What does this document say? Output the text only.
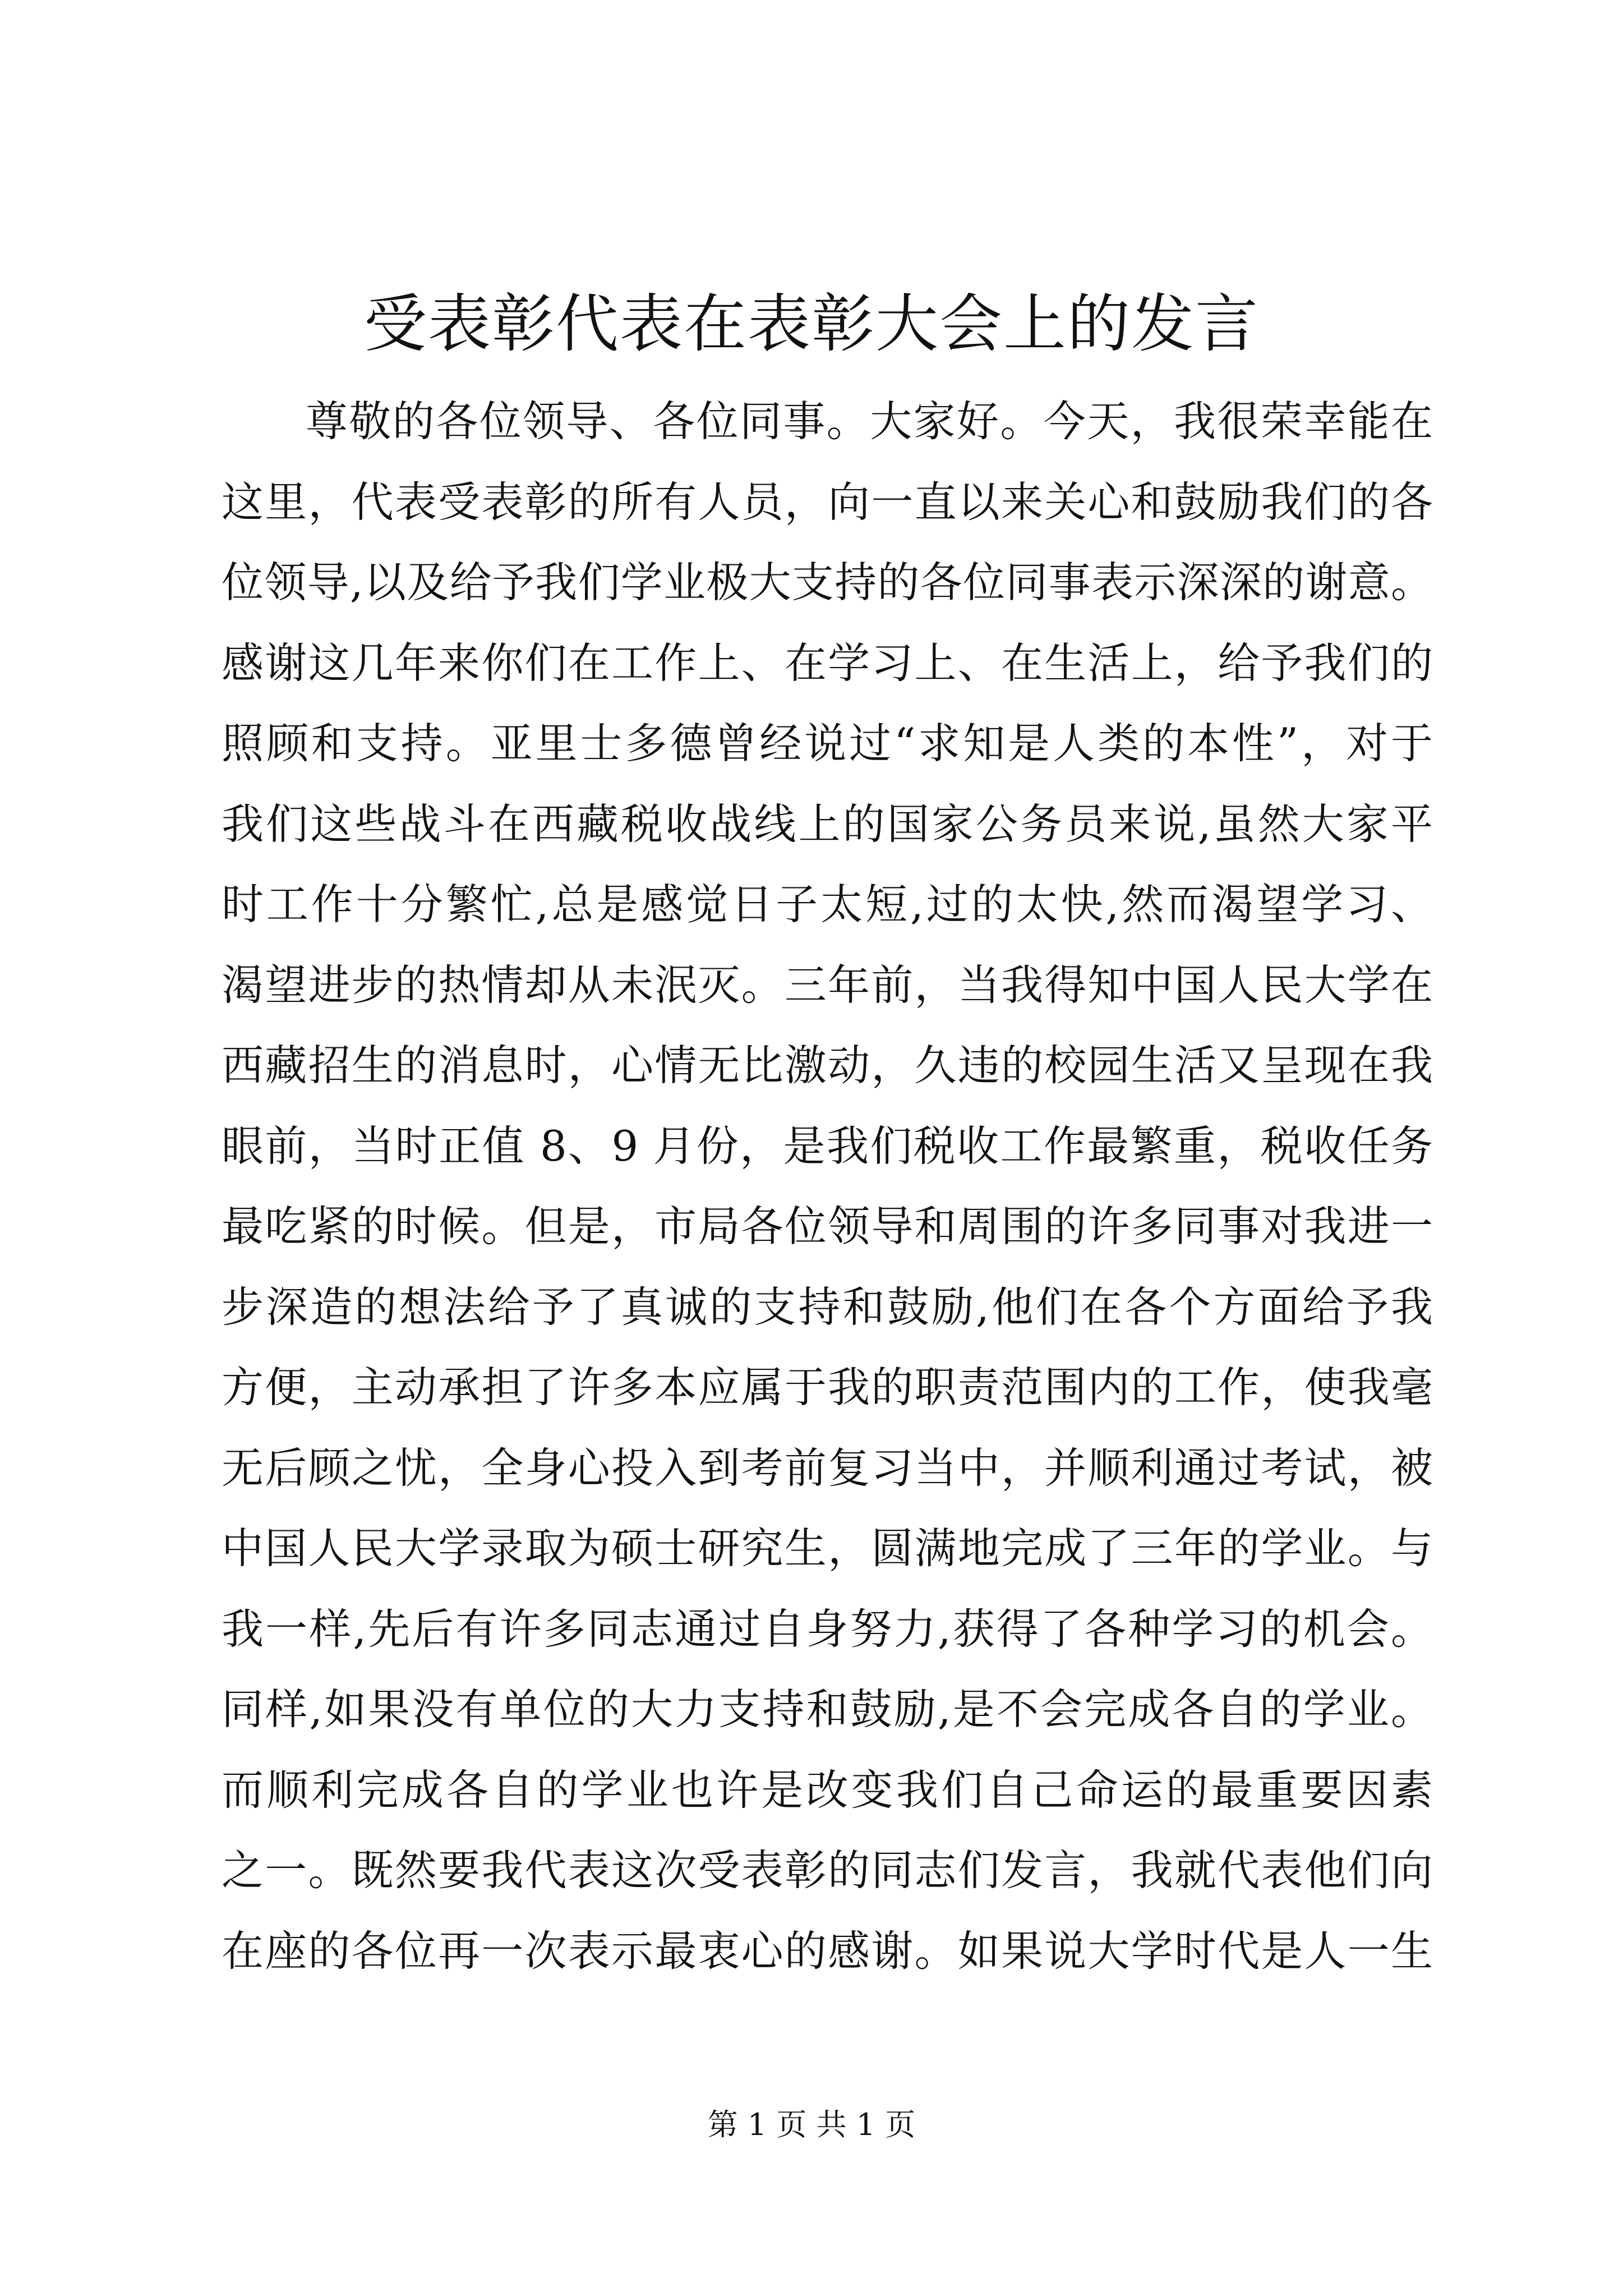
受表彰代表在表彰大会上的发言
尊敬的各位领导、各位同事。大家好。今天，我很荣幸能在
这里，代表受表彰的所有人员，向一直以来关心和鼓励我们的各
位领导,以及给予我们学业极大支持的各位同事表示深深的谢意。
感谢这几年来你们在工作上、在学习上、在生活上，给予我们的
照顾和支持。亚里士多德曾经说过“求知是人类的本性”，对于
我们这些战斗在西藏税收战线上的国家公务员来说,虽然大家平
时工作十分繁忙,总是感觉日子太短,过的太快,然而渴望学习、
渴望进步的热情却从未泯灭。三年前，当我得知中国人民大学在
西藏招生的消息时，心情无比激动，久违的校园生活又呈现在我
眼前，当时正值 8、9 月份，是我们税收工作最繁重，税收任务
最吃紧的时候。但是，市局各位领导和周围的许多同事对我进一
步深造的想法给予了真诚的支持和鼓励,他们在各个方面给予我
方便，主动承担了许多本应属于我的职责范围内的工作，使我毫
无后顾之忧，全身心投入到考前复习当中，并顺利通过考试，被
中国人民大学录取为硕士研究生，圆满地完成了三年的学业。与
我一样,先后有许多同志通过自身努力,获得了各种学习的机会。
同样,如果没有单位的大力支持和鼓励,是不会完成各自的学业。
而顺利完成各自的学业也许是改变我们自己命运的最重要因素
之一。既然要我代表这次受表彰的同志们发言，我就代表他们向
在座的各位再一次表示最衷心的感谢。如果说大学时代是人一生
第 1 页 共 1 页
